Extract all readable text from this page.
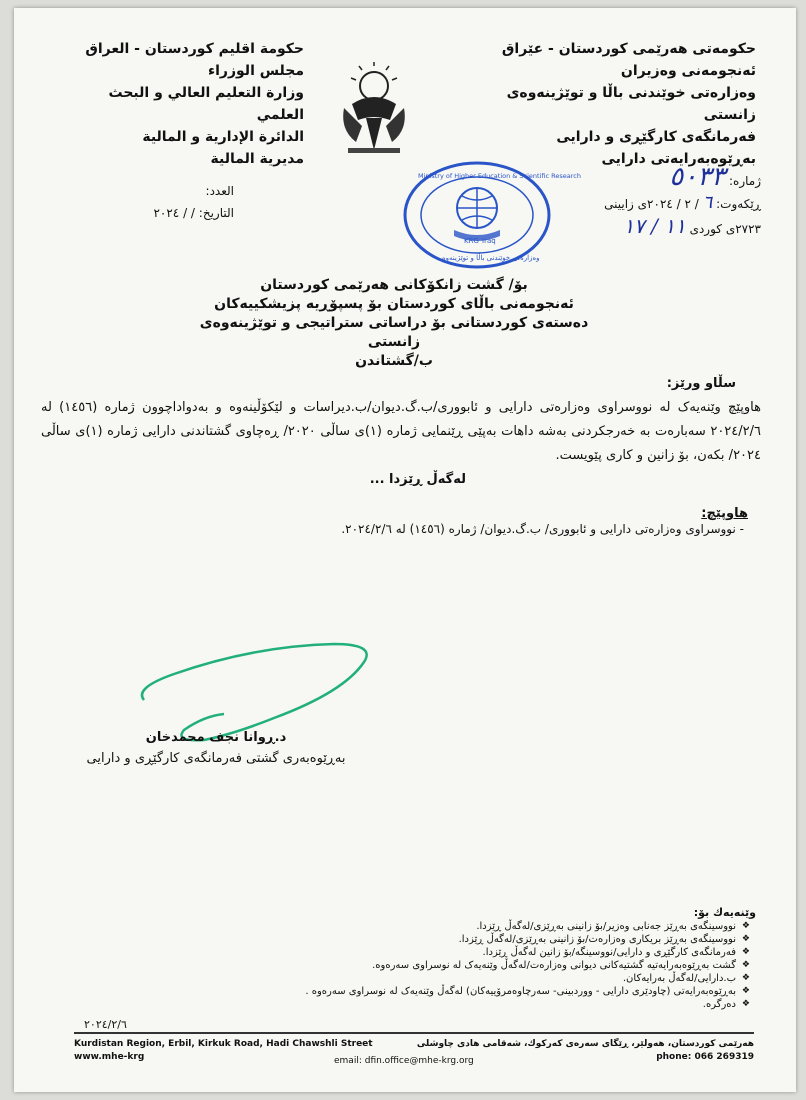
حكومەتی هەرێمی كوردستان - عێراق
ئەنجومەنی وەزیران
وەزارەتی خوێندنی باڵا و توێژینەوەی زانستی
فەرمانگەی كارگێڕی و دارایی
بەڕێوەبەرایەتی دارایی
حكومة اقليم كوردستان - العراق
مجلس الوزراء
وزارة التعليم العالي و البحث العلمي
الدائرة الإدارية و المالية
مديرية المالية
ژمارە: ٥٠٣٣
ڕێكەوت: ٦ / ٢ / ٢٠٢٤ی زایینی
٢٧٢٣ی كوردی ١١ / ١٧
العدد:
التاريخ: / / ٢٠٢٤
KRG Iraq
Ministry of Higher Education & Scientific Research
وەزارەتی خوێندنی باڵا و توێژینەوە
بۆ/ گشت زانكۆكانی هەرێمی كوردستان
ئەنجومەنی باڵای كوردستان بۆ پسپۆڕیە پزیشكییەكان
دەستەی كوردستانی بۆ دراساتی ستراتیجی و توێژینەوەی زانستی
ب/گشتاندن
سڵاو ورێز:
هاوپێچ وێنەیەک لە نووسراوی وەزارەتی دارایی و ئابووری/ب.گ.دیوان/ب.دیراسات و لێكۆڵینەوە و بەدواداچوون ژمارە (١٤٥٦) لە ٢٠٢٤/٢/٦ سەبارەت بە خەرجكردنی بەشە داهات بەپێی ڕێنمایی ژمارە (١)ی ساڵی ٢٠٢٠/ ڕەچاوی گشتاندنی دارایی ژمارە (١)ی ساڵی ٢٠٢٤/ بكەن، بۆ زانین و كاری پێویست.
لەگەڵ ڕێزدا ...
هاوپێچ:
- نووسراوی وەزارەتی دارایی و ئابووری/ ب.گ.دیوان/ ژمارە (١٤٥٦) لە ٢٠٢٤/٢/٦.
د.ڕوانا نجف محمدخان
بەڕێوەبەری گشتی فەرمانگەی كارگێڕی و دارایی
وێنەیەك بۆ:
❖ نووسینگەی بەڕێز جەنابی وەزیر/بۆ زانینی بەڕێزی/لەگەڵ ڕێزدا.
❖ نووسینگەی بەڕێز بریكاری وەزارەت/بۆ زانینی بەڕێزی/لەگەڵ ڕێزدا.
❖ فەرمانگەی كارگێڕی و دارایی/نووسینگە/بۆ زانین لەگەڵ ڕێزدا.
❖ گشت بەڕێوەبەرایەتیە گشتیەكانی دیوانی وەزارەت/لەگەڵ وێنەیەک لە نوسراوی سەرەوە.
❖ ب.دارایی/لەگەڵ بەرایەكان.
❖ بەڕێوەبەرایەتی (چاودێری دارایی - ووردبینی- سەرچاوەمرۆییەكان) لەگەڵ وێنەیەک لە نوسراوی سەرەوە .
❖ دەرگرە.
٢٠٢٤/٢/٦
Kurdistan Region, Erbil, Kirkuk Road, Hadi Chawshli Street
www.mhe-krg	email: dfin.office@mhe-krg.org
هەرێمی كوردستان، هەولێر، ڕێگای سەرەی كەركوك، شەقامی هادی چاوشلی
phone: 066 269319
